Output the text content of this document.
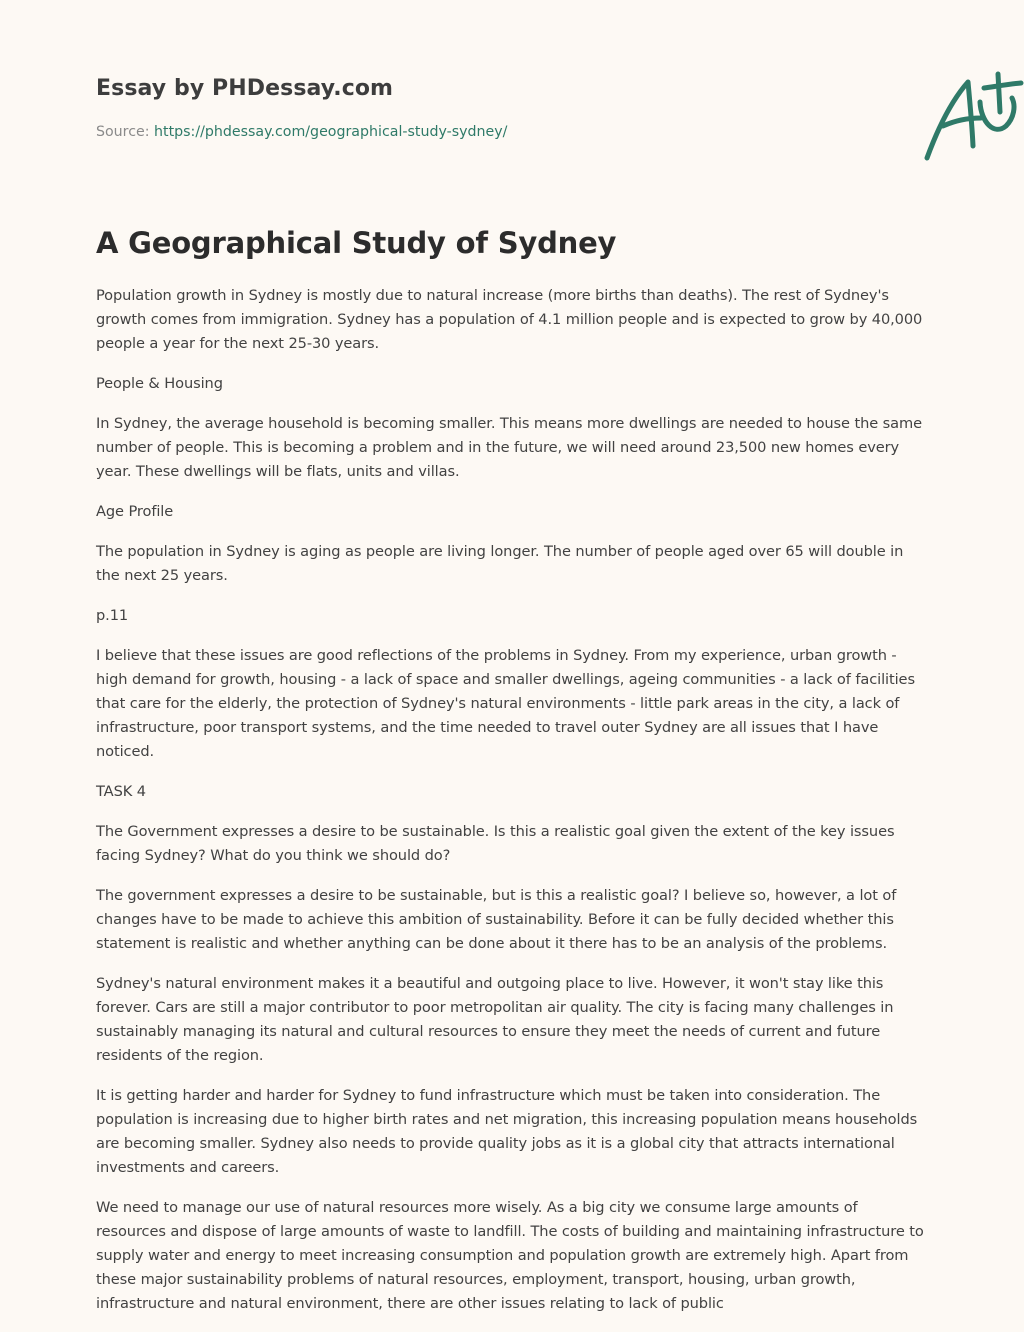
Essay by PHDessay.com
Source: https://phdessay.com/geographical-study-sydney/
A Geographical Study of Sydney

Population growth in Sydney is mostly due to natural increase (more births than deaths). The rest of Sydney's growth comes from immigration. Sydney has a population of 4.1 million people and is expected to grow by 40,000 people a year for the next 25-30 years.

People & Housing

In Sydney, the average household is becoming smaller. This means more dwellings are needed to house the same number of people. This is becoming a problem and in the future, we will need around 23,500 new homes every year. These dwellings will be flats, units and villas.

Age Profile

The population in Sydney is aging as people are living longer. The number of people aged over 65 will double in the next 25 years.

p.11

I believe that these issues are good reflections of the problems in Sydney. From my experience, urban growth - high demand for growth, housing - a lack of space and smaller dwellings, ageing communities - a lack of facilities that care for the elderly, the protection of Sydney's natural environments - little park areas in the city, a lack of infrastructure, poor transport systems, and the time needed to travel outer Sydney are all issues that I have noticed.

TASK 4

The Government expresses a desire to be sustainable. Is this a realistic goal given the extent of the key issues facing Sydney? What do you think we should do?

The government expresses a desire to be sustainable, but is this a realistic goal? I believe so, however, a lot of changes have to be made to achieve this ambition of sustainability. Before it can be fully decided whether this statement is realistic and whether anything can be done about it there has to be an analysis of the problems.

Sydney's natural environment makes it a beautiful and outgoing place to live. However, it won't stay like this forever. Cars are still a major contributor to poor metropolitan air quality. The city is facing many challenges in sustainably managing its natural and cultural resources to ensure they meet the needs of current and future residents of the region.

It is getting harder and harder for Sydney to fund infrastructure which must be taken into consideration. The population is increasing due to higher birth rates and net migration, this increasing population means households are becoming smaller. Sydney also needs to provide quality jobs as it is a global city that attracts international investments and careers.

We need to manage our use of natural resources more wisely. As a big city we consume large amounts of resources and dispose of large amounts of waste to landfill. The costs of building and maintaining infrastructure to supply water and energy to meet increasing consumption and population growth are extremely high. Apart from these major sustainability problems of natural resources, employment, transport, housing, urban growth, infrastructure and natural environment, there are other issues relating to lack of public
